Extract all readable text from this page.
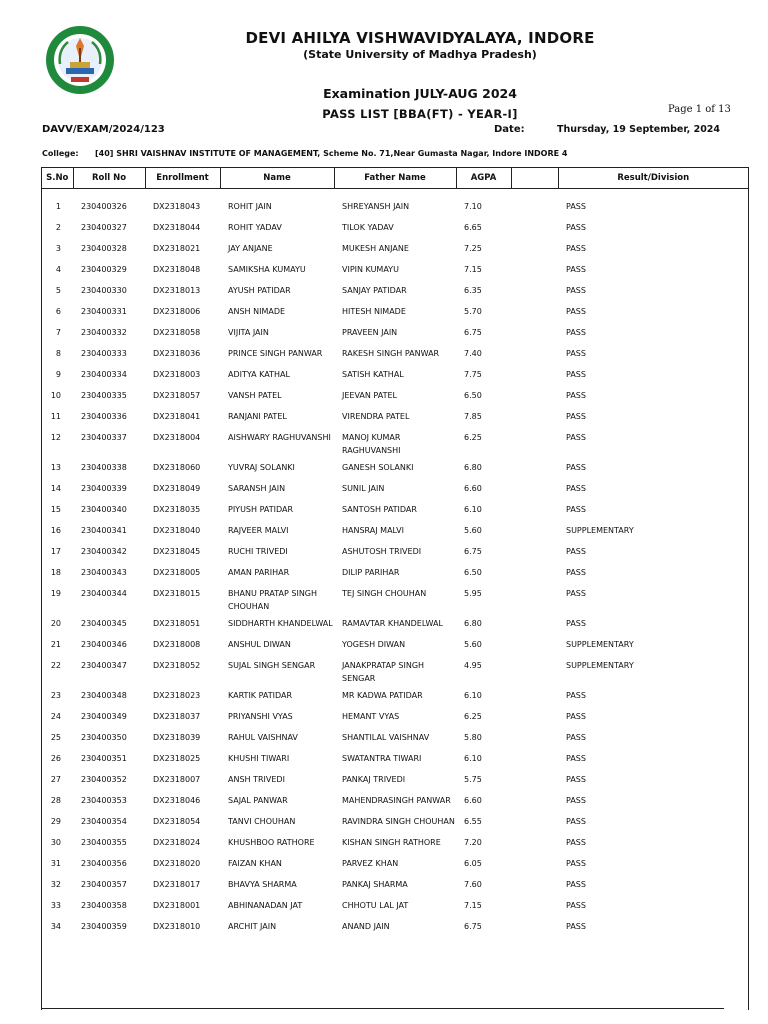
DEVI AHILYA VISHWAVIDYALAYA, INDORE
(State University of Madhya Pradesh)
Examination JULY-AUG 2024
PASS LIST [BBA(FT) - YEAR-I]	Page 1 of 13
DAVV/EXAM/2024/123	Date:	Thursday, 19 September, 2024
College: [40] SHRI VAISHNAV INSTITUTE OF MANAGEMENT, Scheme No. 71,Near Gumasta Nagar, Indore INDORE 4
S.No	Roll No	Enrollment	Name	Father Name	AGPA		Result/Division
1	230400326	DX2318043	ROHIT JAIN	SHREYANSH JAIN	7.10		PASS
2	230400327	DX2318044	ROHIT YADAV	TILOK YADAV	6.65		PASS
3	230400328	DX2318021	JAY ANJANE	MUKESH ANJANE	7.25		PASS
4	230400329	DX2318048	SAMIKSHA KUMAYU	VIPIN KUMAYU	7.15		PASS
5	230400330	DX2318013	AYUSH PATIDAR	SANJAY PATIDAR	6.35		PASS
6	230400331	DX2318006	ANSH NIMADE	HITESH NIMADE	5.70		PASS
7	230400332	DX2318058	VIJITA JAIN	PRAVEEN JAIN	6.75		PASS
8	230400333	DX2318036	PRINCE SINGH PANWAR	RAKESH SINGH PANWAR	7.40		PASS
9	230400334	DX2318003	ADITYA KATHAL	SATISH KATHAL	7.75		PASS
10	230400335	DX2318057	VANSH PATEL	JEEVAN PATEL	6.50		PASS
11	230400336	DX2318041	RANJANI PATEL	VIRENDRA PATEL	7.85		PASS
12	230400337	DX2318004	AISHWARY RAGHUVANSHI	MANOJ KUMAR RAGHUVANSHI	6.25		PASS
13	230400338	DX2318060	YUVRAJ SOLANKI	GANESH SOLANKI	6.80		PASS
14	230400339	DX2318049	SARANSH JAIN	SUNIL JAIN	6.60		PASS
15	230400340	DX2318035	PIYUSH PATIDAR	SANTOSH PATIDAR	6.10		PASS
16	230400341	DX2318040	RAJVEER MALVI	HANSRAJ MALVI	5.60		SUPPLEMENTARY
17	230400342	DX2318045	RUCHI TRIVEDI	ASHUTOSH TRIVEDI	6.75		PASS
18	230400343	DX2318005	AMAN PARIHAR	DILIP PARIHAR	6.50		PASS
19	230400344	DX2318015	BHANU PRATAP SINGH CHOUHAN	TEJ SINGH CHOUHAN	5.95		PASS
20	230400345	DX2318051	SIDDHARTH KHANDELWAL	RAMAVTAR KHANDELWAL	6.80		PASS
21	230400346	DX2318008	ANSHUL DIWAN	YOGESH DIWAN	5.60		SUPPLEMENTARY
22	230400347	DX2318052	SUJAL SINGH SENGAR	JANAKPRATAP SINGH SENGAR	4.95		SUPPLEMENTARY
23	230400348	DX2318023	KARTIK PATIDAR	MR KADWA PATIDAR	6.10		PASS
24	230400349	DX2318037	PRIYANSHI VYAS	HEMANT VYAS	6.25		PASS
25	230400350	DX2318039	RAHUL VAISHNAV	SHANTILAL VAISHNAV	5.80		PASS
26	230400351	DX2318025	KHUSHI TIWARI	SWATANTRA TIWARI	6.10		PASS
27	230400352	DX2318007	ANSH TRIVEDI	PANKAJ TRIVEDI	5.75		PASS
28	230400353	DX2318046	SAJAL PANWAR	MAHENDRASINGH PANWAR	6.60		PASS
29	230400354	DX2318054	TANVI CHOUHAN	RAVINDRA SINGH CHOUHAN	6.55		PASS
30	230400355	DX2318024	KHUSHBOO RATHORE	KISHAN SINGH RATHORE	7.20		PASS
31	230400356	DX2318020	FAIZAN KHAN	PARVEZ KHAN	6.05		PASS
32	230400357	DX2318017	BHAVYA SHARMA	PANKAJ SHARMA	7.60		PASS
33	230400358	DX2318001	ABHINANADAN JAT	CHHOTU LAL JAT	7.15		PASS
34	230400359	DX2318010	ARCHIT JAIN	ANAND JAIN	6.75		PASS
